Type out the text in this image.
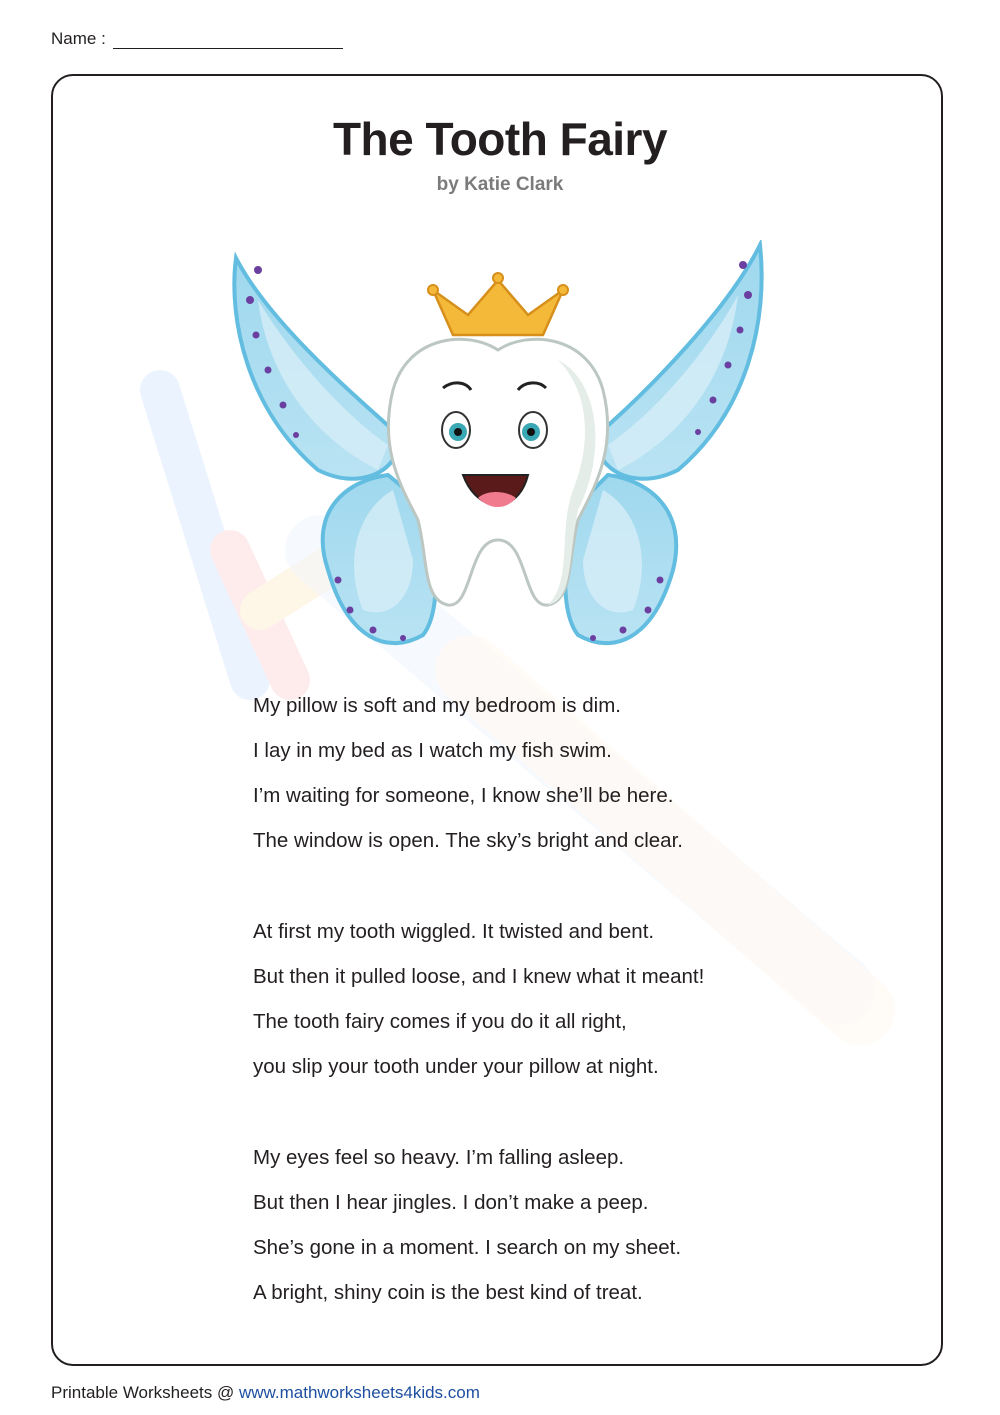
Name :
The Tooth Fairy
by Katie Clark
My pillow is soft and my bedroom is dim.
I lay in my bed as I watch my fish swim.
I’m waiting for someone, I know she’ll be here.
The window is open. The sky’s bright and clear.
At first my tooth wiggled. It twisted and bent.
But then it pulled loose, and I knew what it meant!
The tooth fairy comes if you do it all right,
you slip your tooth under your pillow at night.
My eyes feel so heavy. I’m falling asleep.
But then I hear jingles. I don’t make a peep.
She’s gone in a moment. I search on my sheet.
A bright, shiny coin is the best kind of treat.
Printable Worksheets @ www.mathworksheets4kids.com
